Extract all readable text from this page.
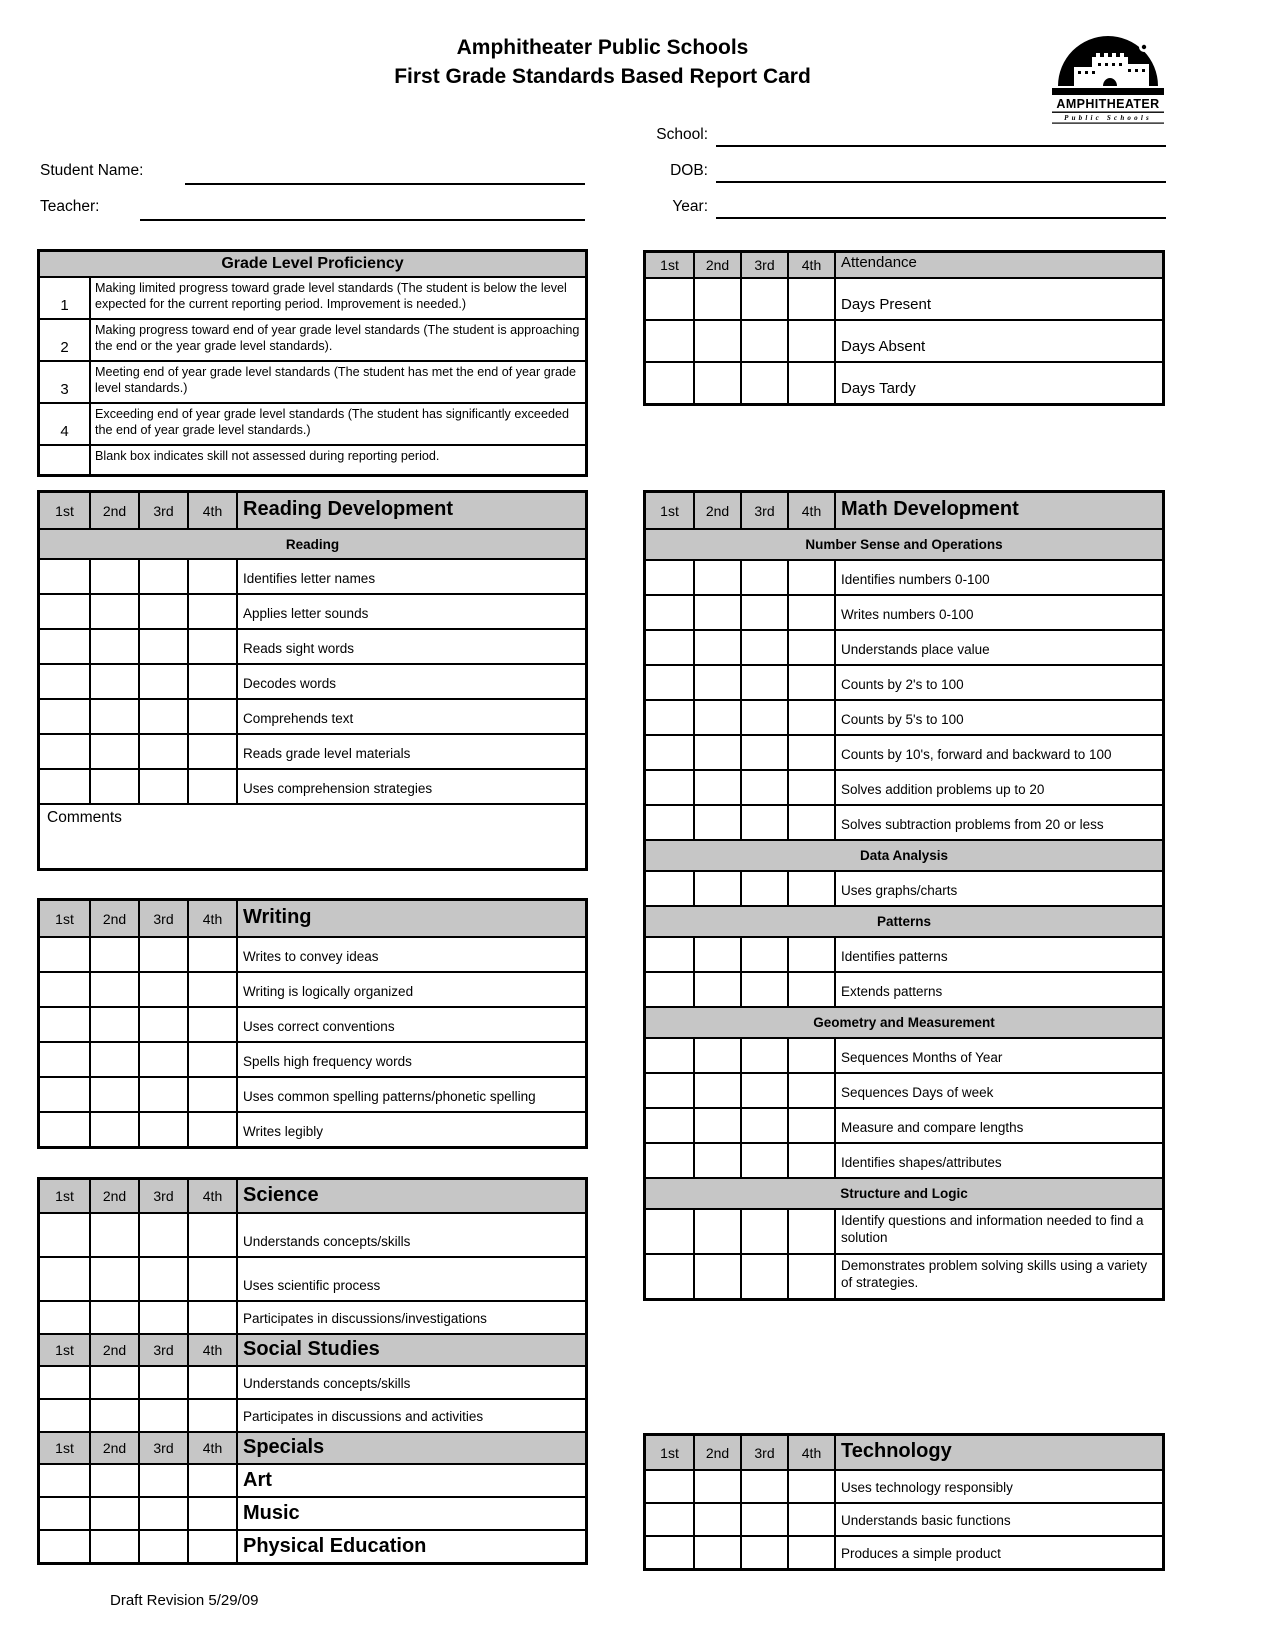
Amphitheater Public Schools
First Grade Standards Based Report Card
AMPHITHEATER
Public Schools
Student Name:
Teacher:
School:
DOB:
Year:
Grade Level Proficiency
1
Making limited progress toward grade level standards (The student is below the level expected for the current reporting period. Improvement is needed.)
2
Making progress toward end of year grade level standards (The student is approaching the end or the year grade level standards).
3
Meeting end of year grade level standards (The student has met the end of year grade level standards.)
4
Exceeding end of year grade level standards (The student has significantly exceeded the end of year grade level standards.)
Blank box indicates skill not assessed during reporting period.
1st	2nd	3rd	4th	Attendance
Days Present
Days Absent
Days Tardy
1st	2nd	3rd	4th	Reading Development
Reading
Identifies letter names
Applies letter sounds
Reads sight words
Decodes words
Comprehends text
Reads grade level materials
Uses comprehension strategies
Comments
1st	2nd	3rd	4th Math Development
Number Sense and Operations
Identifies numbers 0-100
Writes numbers 0-100
Understands place value
Counts by 2's to 100
Counts by 5's to 100
Counts by 10's, forward and backward to 100
Solves addition problems up to 20
Solves subtraction problems from 20 or less
Data Analysis
Uses graphs/charts
Patterns
Identifies patterns
Extends patterns
Geometry and Measurement
Sequences Months of Year
Sequences Days of week
Measure and compare lengths
Identifies shapes/attributes
Structure and Logic
Identify questions and information needed to find a solution
Demonstrates problem solving skills using a variety of strategies.
1st	2nd	3rd	4th	Writing
Writes to convey ideas
Writing is logically organized
Uses correct conventions
Spells high frequency words
Uses common spelling patterns/phonetic spelling
Writes legibly
1st	2nd	3rd	4th	Science
Understands concepts/skills
Uses scientific process
Participates in discussions/investigations
1st	2nd	3rd	4th	Social Studies
Understands concepts/skills
Participates in discussions and activities
1st	2nd	3rd	4th	Specials
Art
Music
Physical Education
1st	2nd	3rd	4th Technology
Uses technology responsibly
Understands basic functions
Produces a simple product
Draft Revision 5/29/09
